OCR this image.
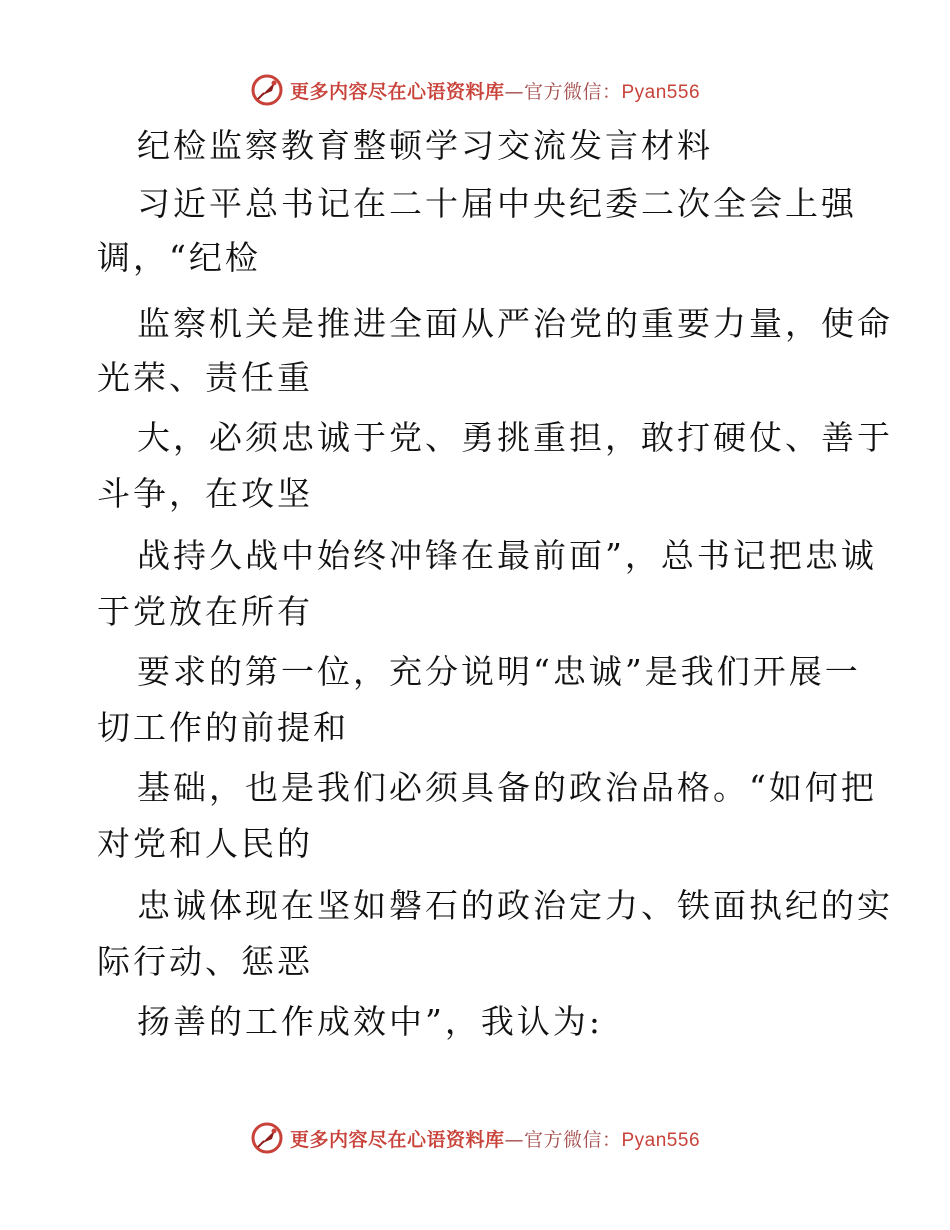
更多内容尽在心语资料库 — 官方微信： Pyan556
纪检监察教育整顿学习交流发言材料
习近平总书记在二十届中央纪委二次全会上强
调，“纪检
监察机关是推进全面从严治党的重要力量，使命
光荣、责任重
大，必须忠诚于党、勇挑重担，敢打硬仗、善于
斗争，在攻坚
战持久战中始终冲锋在最前面”，总书记把忠诚
于党放在所有
要求的第一位，充分说明“忠诚”是我们开展一
切工作的前提和
基础，也是我们必须具备的政治品格。“如何把
对党和人民的
忠诚体现在坚如磐石的政治定力、铁面执纪的实
际行动、惩恶
扬善的工作成效中”，我认为:
更多内容尽在心语资料库 — 官方微信： Pyan556
